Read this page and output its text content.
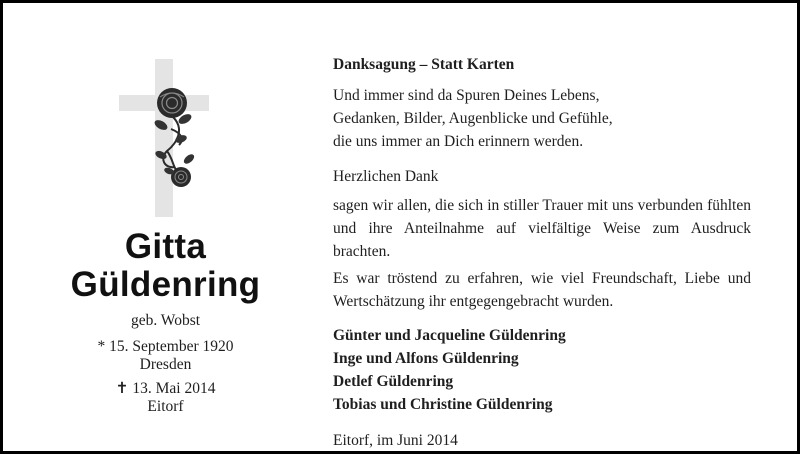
Gitta
Güldenring
geb. Wobst
* 15. September 1920
Dresden
✝ 13. Mai 2014
Eitorf

Danksagung – Statt Karten

Und immer sind da Spuren Deines Lebens,

Gedanken, Bilder, Augenblicke und Gefühle,

die uns immer an Dich erinnern werden.

Herzlichen Dank

sagen wir allen, die sich in stiller Trauer mit uns verbunden fühlten und ihre Anteilnahme auf vielfältige Weise zum Ausdruck brachten.

Es war tröstend zu erfahren, wie viel Freundschaft, Liebe und Wertschätzung ihr entgegengebracht wurden.

Günter und Jacqueline Güldenring

Inge und Alfons Güldenring

Detlef Güldenring

Tobias und Christine Güldenring

Eitorf, im Juni 2014
